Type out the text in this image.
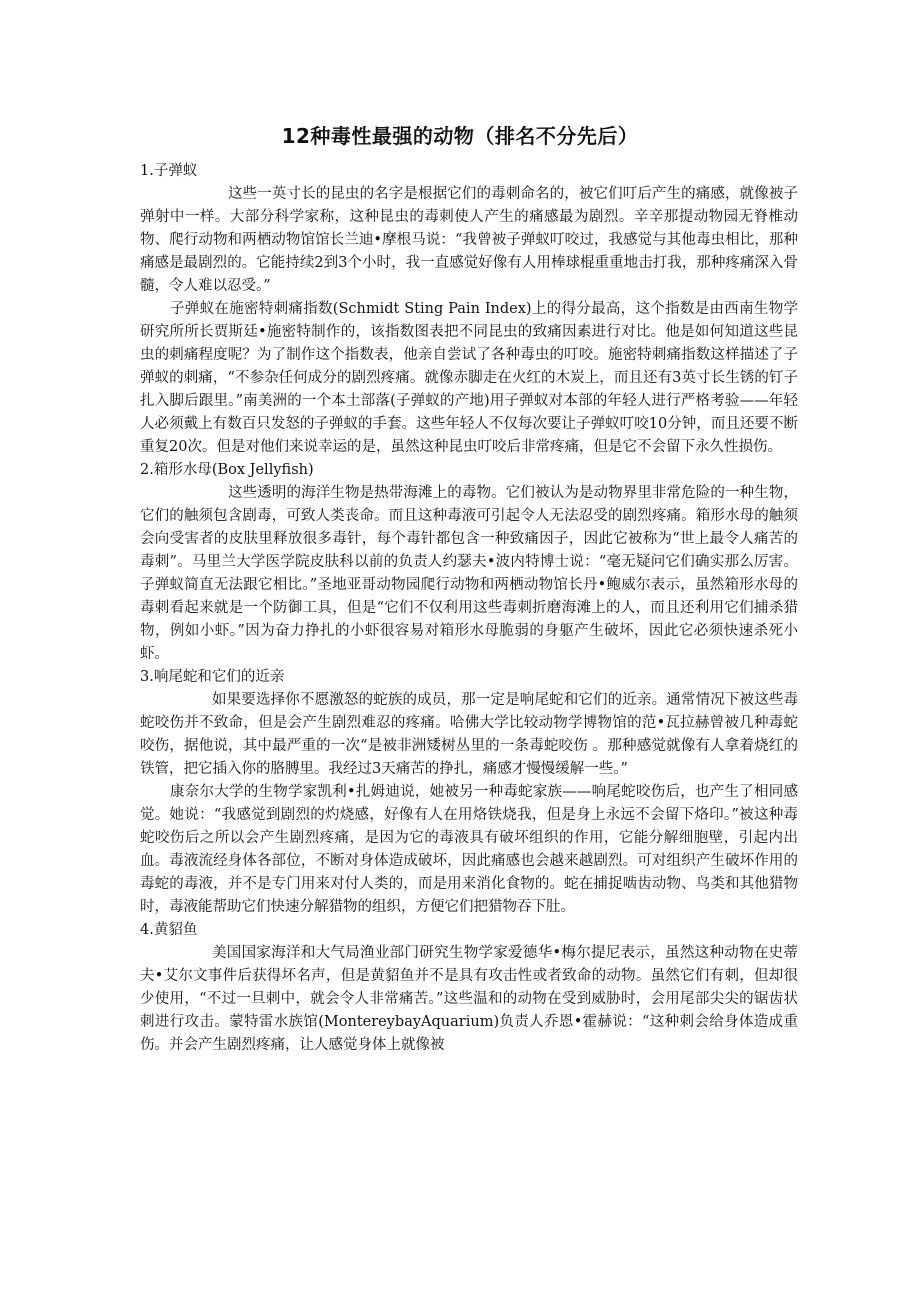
12种毒性最强的动物（排名不分先后）

1.子弹蚁

这些一英寸长的昆虫的名字是根据它们的毒刺命名的，被它们叮后产生的痛感，就像被子弹射中一样。大部分科学家称，这种昆虫的毒刺使人产生的痛感最为剧烈。辛辛那提动物园无脊椎动物、爬行动物和两栖动物馆馆长兰迪•摩根马说：“我曾被子弹蚁叮咬过，我感觉与其他毒虫相比，那种痛感是最剧烈的。它能持续2到3个小时，我一直感觉好像有人用棒球棍重重地击打我，那种疼痛深入骨髓，令人难以忍受。”

子弹蚁在施密特刺痛指数(Schmidt Sting Pain Index)上的得分最高，这个指数是由西南生物学研究所所长贾斯廷•施密特制作的，该指数图表把不同昆虫的致痛因素进行对比。他是如何知道这些昆虫的刺痛程度呢？为了制作这个指数表，他亲自尝试了各种毒虫的叮咬。施密特刺痛指数这样描述了子弹蚁的刺痛，“不参杂任何成分的剧烈疼痛。就像赤脚走在火红的木炭上，而且还有3英寸长生锈的钉子扎入脚后跟里。”南美洲的一个本土部落(子弹蚁的产地)用子弹蚁对本部的年轻人进行严格考验——年轻人必须戴上有数百只发怒的子弹蚁的手套。这些年轻人不仅每次要让子弹蚁叮咬10分钟，而且还要不断重复20次。但是对他们来说幸运的是，虽然这种昆虫叮咬后非常疼痛，但是它不会留下永久性损伤。

2.箱形水母(Box Jellyfish)

这些透明的海洋生物是热带海滩上的毒物。它们被认为是动物界里非常危险的一种生物，它们的触须包含剧毒，可致人类丧命。而且这种毒液可引起令人无法忍受的剧烈疼痛。箱形水母的触须会向受害者的皮肤里释放很多毒针，每个毒针都包含一种致痛因子，因此它被称为“世上最令人痛苦的毒刺”。马里兰大学医学院皮肤科以前的负责人约瑟夫•波内特博士说：“毫无疑问它们确实那么厉害。子弹蚁简直无法跟它相比。”圣地亚哥动物园爬行动物和两栖动物馆长丹•鲍威尔表示，虽然箱形水母的毒刺看起来就是一个防御工具，但是“它们不仅利用这些毒刺折磨海滩上的人，而且还利用它们捕杀猎物，例如小虾。”因为奋力挣扎的小虾很容易对箱形水母脆弱的身躯产生破坏，因此它必须快速杀死小虾。

3.响尾蛇和它们的近亲

如果要选择你不愿激怒的蛇族的成员，那一定是响尾蛇和它们的近亲。通常情况下被这些毒蛇咬伤并不致命，但是会产生剧烈难忍的疼痛。哈佛大学比较动物学博物馆的范•瓦拉赫曾被几种毒蛇咬伤，据他说，其中最严重的一次“是被非洲矮树丛里的一条毒蛇咬伤 。那种感觉就像有人拿着烧红的铁管，把它插入你的胳膊里。我经过3天痛苦的挣扎，痛感才慢慢缓解一些。”

康奈尔大学的生物学家凯利•扎姆迪说，她被另一种毒蛇家族——响尾蛇咬伤后，也产生了相同感觉。她说：“我感觉到剧烈的灼烧感，好像有人在用烙铁烧我，但是身上永远不会留下烙印。”被这种毒蛇咬伤后之所以会产生剧烈疼痛，是因为它的毒液具有破坏组织的作用，它能分解细胞壁，引起内出血。毒液流经身体各部位，不断对身体造成破坏，因此痛感也会越来越剧烈。可对组织产生破坏作用的毒蛇的毒液，并不是专门用来对付人类的，而是用来消化食物的。蛇在捕捉啮齿动物、鸟类和其他猎物时，毒液能帮助它们快速分解猎物的组织，方便它们把猎物吞下肚。

4.黄貂鱼

美国国家海洋和大气局渔业部门研究生物学家爱德华•梅尔提尼表示，虽然这种动物在史蒂夫•艾尔文事件后获得坏名声，但是黄貂鱼并不是具有攻击性或者致命的动物。虽然它们有刺，但却很少使用，“不过一旦刺中，就会令人非常痛苦。”这些温和的动物在受到威胁时，会用尾部尖尖的锯齿状刺进行攻击。蒙特雷水族馆(MontereybayAquarium)负责人乔恩•霍赫说：“这种刺会给身体造成重伤。并会产生剧烈疼痛，让人感觉身体上就像被
